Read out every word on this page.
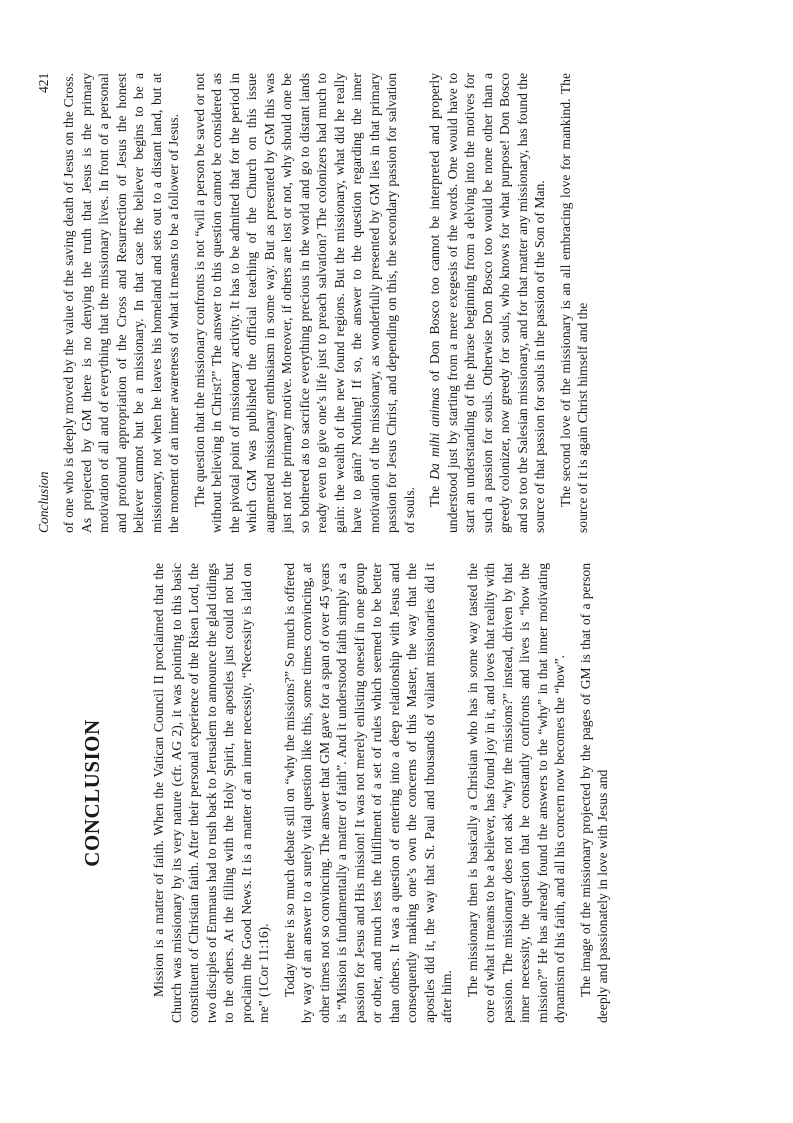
Conclusion
421
CONCLUSION	Mission is a matter of faith. When the Vatican Council II proclaimed that the Church was missionary by its very nature (cfr. AG 2), it was pointing to this basic constituent of Christian faith. After their personal experience of the Risen Lord, the two disciples of Emmaus had to rush back to Jerusalem to announce the glad tidings to the others. At the filling with the Holy Spirit, the apostles just could not but proclaim the Good News. It is a matter of an inner necessity. “Necessity is laid on me” (1Cor 11:16). Today there is so much debate still on “why the missions?” So much is offered by way of an answer to a surely vital question like this, some times convincing, at other times not so convincing. The answer that GM gave for a span of over 45 years is “Mission is fundamentally a matter of faith”. And it understood faith simply as a passion for Jesus and His mission! It was not merely enlisting oneself in one group or other, and much less the fulfilment of a set of rules which seemed to be better than others. It was a question of entering into a deep relationship with Jesus and consequently making one’s own the concerns of this Master, the way that the apostles did it, the way that St. Paul and thousands of valiant missionaries did it after him. The missionary then is basically a Christian who has in some way tasted the core of what it means to be a believer, has found joy in it, and loves that reality with passion. The missionary does not ask “why the missions?” instead, driven by that inner necessity, the question that he constantly confronts and lives is “how the mission?” He has already found the answers to the “why” in that inner motivating dynamism of his faith, and all his concern now becomes the “how”. The image of the missionary projected by the pages of GM is that of a person deeply and passionately in love with Jesus and

of one who is deeply moved by the value of the saving death of Jesus on the Cross. As projected by GM there is no denying the truth that Jesus is the primary motivation of all and of everything that the missionary lives. In front of a personal and profound appropriation of the Cross and Resurrection of Jesus the honest believer cannot but be a missionary. In that case the believer begins to be a missionary, not when he leaves his homeland and sets out to a distant land, but at the moment of an inner awareness of what it means to be a follower of Jesus. The question that the missionary confronts is not “will a person be saved or not without believing in Christ?” The answer to this question cannot be considered as the pivotal point of missionary activity. It has to be admitted that for the period in which GM was published the official teaching of the Church on this issue augmented missionary enthusiasm in some way. But as presented by GM this was just not the primary motive. Moreover, if others are lost or not, why should one be so bothered as to sacrifice everything precious in the world and go to distant lands ready even to give one’s life just to preach salvation? The colonizers had much to gain: the wealth of the new found regions. But the missionary, what did he really have to gain? Nothing! If so, the answer to the question regarding the inner motivation of the missionary, as wonderfully presented by GM lies in that primary passion for Jesus Christ, and depending on this, the secondary passion for salvation of souls. The Da mihi animas of Don Bosco too cannot be interpreted and properly understood just by starting from a mere exegesis of the words. One would have to start an understanding of the phrase beginning from a delving into the motives for such a passion for souls. Otherwise Don Bosco too would be none other than a greedy colonizer, now greedy for souls, who knows for what purpose! Don Bosco and so too the Salesian missionary, and for that matter any missionary, has found the source of that passion for souls in the passion of the Son of Man. The second love of the missionary is an all embracing love for mankind. The source of it is again Christ himself and the
